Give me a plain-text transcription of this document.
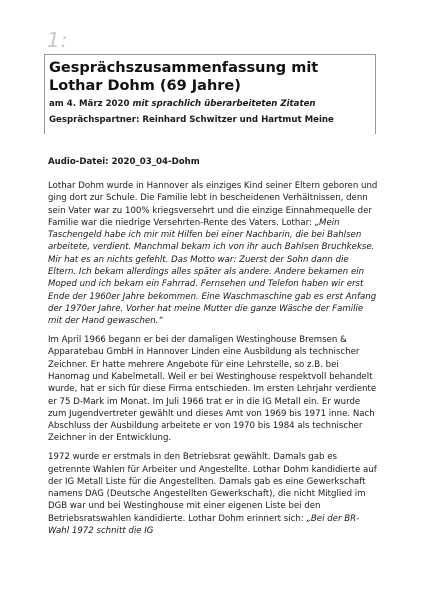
1:
Gesprächszusammenfassung mit
Lothar Dohm (69 Jahre)
am 4. März 2020 mit sprachlich überarbeiteten Zitaten
Gesprächspartner: Reinhard Schwitzer und Hartmut Meine
Audio-Datei: 2020_03_04-Dohm

Lothar Dohm wurde in Hannover als einziges Kind seiner Eltern geboren und ging dort zur Schule. Die Familie lebt in bescheidenen Verhältnissen, denn sein Vater war zu 100% kriegsversehrt und die einzige Einnahmequelle der Familie war die niedrige Versehrten-Rente des Vaters. Lothar: „Mein Taschengeld habe ich mir mit Hilfen bei einer Nachbarin, die bei Bahlsen arbeitete, verdient. Manchmal bekam ich von ihr auch Bahlsen Bruchkekse. Mir hat es an nichts gefehlt. Das Motto war: Zuerst der Sohn dann die Eltern. Ich bekam allerdings alles später als andere. Andere bekamen ein Moped und ich bekam ein Fahrrad. Fernsehen und Telefon haben wir erst Ende der 1960er Jahre bekommen. Eine Waschmaschine gab es erst Anfang der 1970er Jahre. Vorher hat meine Mutter die ganze Wäsche der Familie mit der Hand gewaschen.“

Im April 1966 begann er bei der damaligen Westinghouse Bremsen & Apparatebau GmbH in Hannover Linden eine Ausbildung als technischer Zeichner. Er hatte mehrere Angebote für eine Lehrstelle, so z.B. bei Hanomag und Kabelmetall. Weil er bei Westinghouse respektvoll behandelt wurde, hat er sich für diese Firma entschieden. Im ersten Lehrjahr verdiente er 75 D-Mark im Monat. Im Juli 1966 trat er in die IG Metall ein. Er wurde zum Jugendvertreter gewählt und dieses Amt von 1969 bis 1971 inne. Nach Abschluss der Ausbildung arbeitete er von 1970 bis 1984 als technischer Zeichner in der Entwicklung.

1972 wurde er erstmals in den Betriebsrat gewählt. Damals gab es getrennte Wahlen für Arbeiter und Angestellte. Lothar Dohm kandidierte auf der IG Metall Liste für die Angestellten. Damals gab es eine Gewerkschaft namens DAG (Deutsche Angestellten Gewerkschaft), die nicht Mitglied im DGB war und bei Westinghouse mit einer eigenen Liste bei den Betriebsratswahlen kandidierte. Lothar Dohm erinnert sich: „Bei der BR-Wahl 1972 schnitt die IG
